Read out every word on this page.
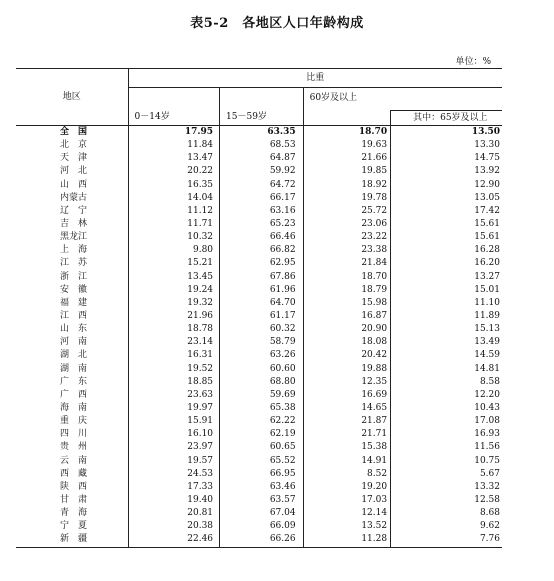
表5-2　各地区人口年龄构成
单位：%
地区	比重			
	0－14岁	15－59岁	60岁及以上	
				其中：65岁及以上
全　国	17.95	63.35	18.70	13.50
北　京	11.84	68.53	19.63	13.30
天　津	13.47	64.87	21.66	14.75
河　北	20.22	59.92	19.85	13.92
山　西	16.35	64.72	18.92	12.90
内蒙古	14.04	66.17	19.78	13.05
辽　宁	11.12	63.16	25.72	17.42
吉　林	11.71	65.23	23.06	15.61
黑龙江	10.32	66.46	23.22	15.61
上　海	9.80	66.82	23.38	16.28
江　苏	15.21	62.95	21.84	16.20
浙　江	13.45	67.86	18.70	13.27
安　徽	19.24	61.96	18.79	15.01
福　建	19.32	64.70	15.98	11.10
江　西	21.96	61.17	16.87	11.89
山　东	18.78	60.32	20.90	15.13
河　南	23.14	58.79	18.08	13.49
湖　北	16.31	63.26	20.42	14.59
湖　南	19.52	60.60	19.88	14.81
广　东	18.85	68.80	12.35	8.58
广　西	23.63	59.69	16.69	12.20
海　南	19.97	65.38	14.65	10.43
重　庆	15.91	62.22	21.87	17.08
四　川	16.10	62.19	21.71	16.93
贵　州	23.97	60.65	15.38	11.56
云　南	19.57	65.52	14.91	10.75
西　藏	24.53	66.95	8.52	5.67
陕　西	17.33	63.46	19.20	13.32
甘　肃	19.40	63.57	17.03	12.58
青　海	20.81	67.04	12.14	8.68
宁　夏	20.38	66.09	13.52	9.62
新　疆	22.46	66.26	11.28	7.76
